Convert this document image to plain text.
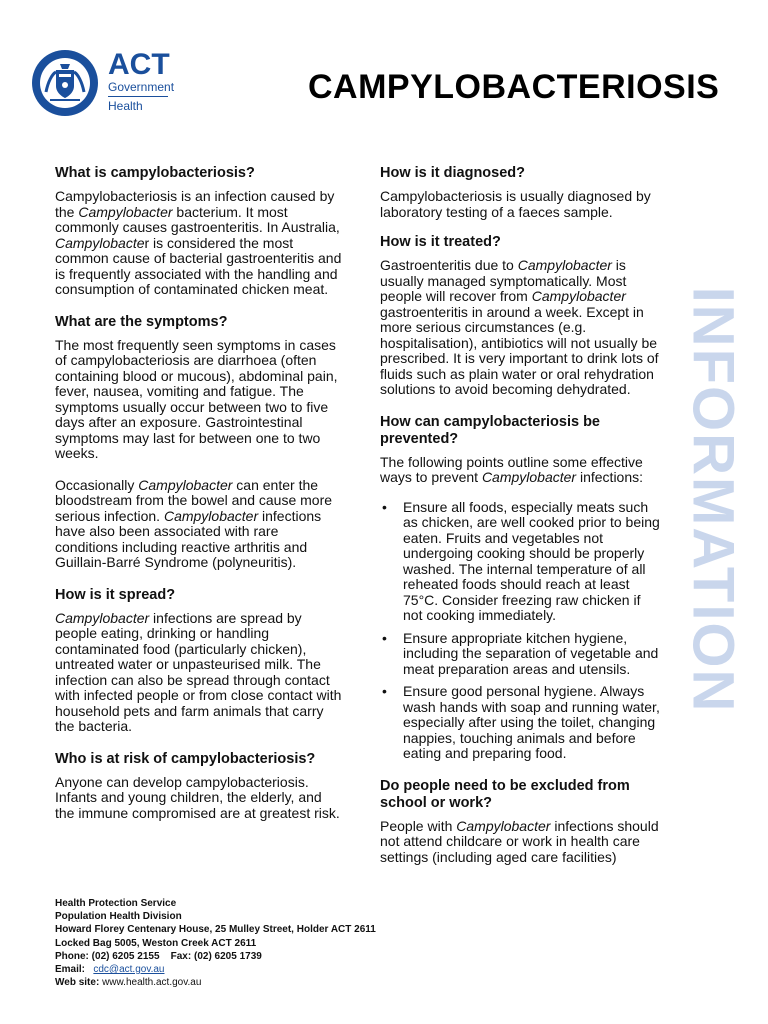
ACT
Government
Health	CAMPYLOBACTERIOSIS
INFORMATION
What is campylobacteriosis?

Campylobacteriosis is an infection caused by the Campylobacter bacterium. It most commonly causes gastroenteritis. In Australia, Campylobacter is considered the most common cause of bacterial gastroenteritis and is frequently associated with the handling and consumption of contaminated chicken meat.

What are the symptoms?

The most frequently seen symptoms in cases of campylobacteriosis are diarrhoea (often containing blood or mucous), abdominal pain, fever, nausea, vomiting and fatigue. The symptoms usually occur between two to five days after an exposure. Gastrointestinal symptoms may last for between one to two weeks.

Occasionally Campylobacter can enter the bloodstream from the bowel and cause more serious infection. Campylobacter infections have also been associated with rare conditions including reactive arthritis and Guillain-Barré Syndrome (polyneuritis).

How is it spread?

Campylobacter infections are spread by people eating, drinking or handling contaminated food (particularly chicken), untreated water or unpasteurised milk. The infection can also be spread through contact with infected people or from close contact with household pets and farm animals that carry the bacteria.

Who is at risk of campylobacteriosis?

Anyone can develop campylobacteriosis. Infants and young children, the elderly, and the immune compromised are at greatest risk.

How is it diagnosed?

Campylobacteriosis is usually diagnosed by laboratory testing of a faeces sample.

How is it treated?

Gastroenteritis due to Campylobacter is usually managed symptomatically. Most people will recover from Campylobacter gastroenteritis in around a week. Except in more serious circumstances (e.g. hospitalisation), antibiotics will not usually be prescribed. It is very important to drink lots of fluids such as plain water or oral rehydration solutions to avoid becoming dehydrated.

How can campylobacteriosis be prevented?

The following points outline some effective ways to prevent Campylobacter infections:

• Ensure all foods, especially meats such as chicken, are well cooked prior to being eaten. Fruits and vegetables not undergoing cooking should be properly washed. The internal temperature of all reheated foods should reach at least 75°C. Consider freezing raw chicken if not cooking immediately.
• Ensure appropriate kitchen hygiene, including the separation of vegetable and meat preparation areas and utensils.
• Ensure good personal hygiene. Always wash hands with soap and running water, especially after using the toilet, changing nappies, touching animals and before eating and preparing food.
Do people need to be excluded from school or work?

People with Campylobacter infections should not attend childcare or work in health care settings (including aged care facilities)

Health Protection Service
Population Health Division
Howard Florey Centenary House, 25 Mulley Street, Holder ACT 2611
Locked Bag 5005, Weston Creek ACT 2611
Phone: (02) 6205 2155 Fax: (02) 6205 1739
Email: cdc@act.gov.au
Web site: www.health.act.gov.au
